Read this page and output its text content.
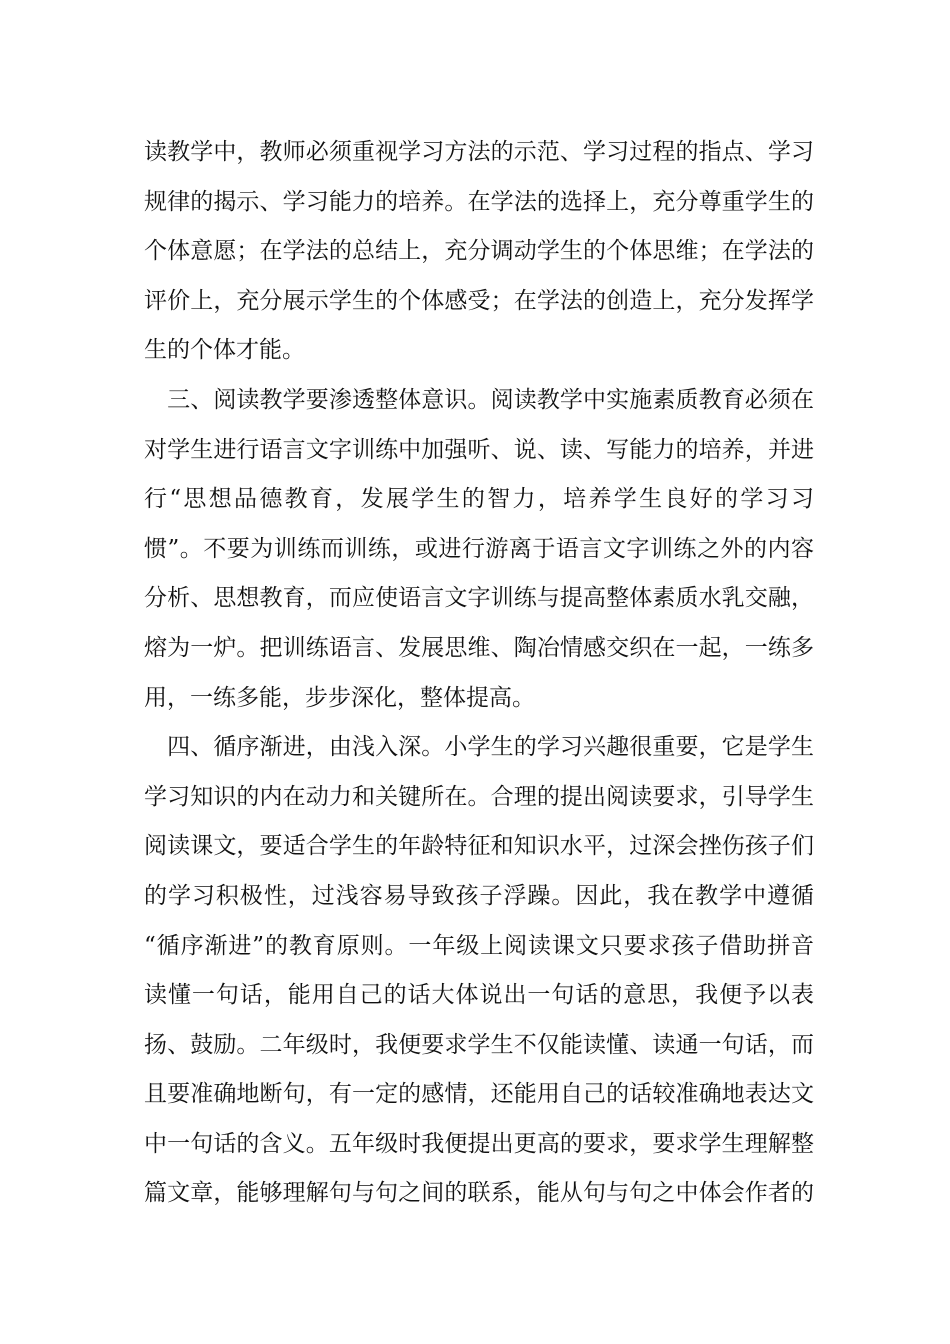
读教学中，教师必须重视学习方法的示范、学习过程的指点、学习
规律的揭示、学习能力的培养。在学法的选择上，充分尊重学生的
个体意愿；在学法的总结上，充分调动学生的个体思维；在学法的
评价上，充分展示学生的个体感受；在学法的创造上，充分发挥学
生的个体才能。
　三、阅读教学要渗透整体意识。阅读教学中实施素质教育必须在
对学生进行语言文字训练中加强听、说、读、写能力的培养，并进
行“思想品德教育，发展学生的智力，培养学生良好的学习习
惯”。不要为训练而训练，或进行游离于语言文字训练之外的内容
分析、思想教育，而应使语言文字训练与提高整体素质水乳交融，
熔为一炉。把训练语言、发展思维、陶冶情感交织在一起，一练多
用，一练多能，步步深化，整体提高。
　四、循序渐进，由浅入深。小学生的学习兴趣很重要，它是学生
学习知识的内在动力和关键所在。合理的提出阅读要求，引导学生
阅读课文，要适合学生的年龄特征和知识水平，过深会挫伤孩子们
的学习积极性，过浅容易导致孩子浮躁。因此，我在教学中遵循
“循序渐进”的教育原则。一年级上阅读课文只要求孩子借助拼音
读懂一句话，能用自己的话大体说出一句话的意思，我便予以表
扬、鼓励。二年级时，我便要求学生不仅能读懂、读通一句话，而
且要准确地断句，有一定的感情，还能用自己的话较准确地表达文
中一句话的含义。五年级时我便提出更高的要求，要求学生理解整
篇文章，能够理解句与句之间的联系，能从句与句之中体会作者的
